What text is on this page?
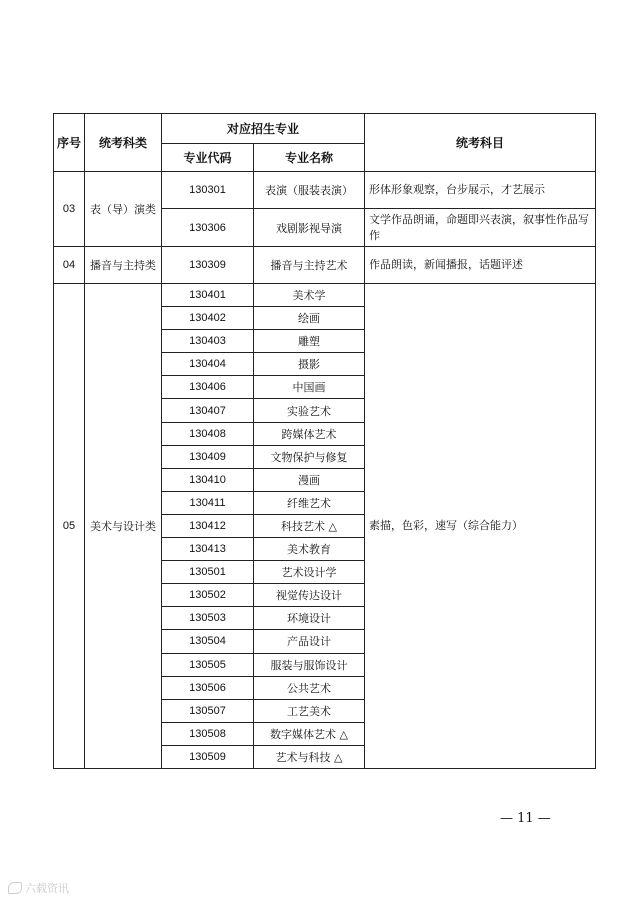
序号	统考科类	对应招生专业		统考科目
		专业代码	专业名称	
03	表（导）演类	130301	表演（服装表演）	形体形象观察，台步展示，才艺展示
		130306	戏剧影视导演	文学作品朗诵，命题即兴表演，叙事性作品写作
04	播音与主持类	130309	播音与主持艺术	作品朗读，新闻播报，话题评述
05	美术与设计类	130401	美术学	素描，色彩，速写（综合能力）
		130402	绘画	
		130403	雕塑	
		130404	摄影	
		130406	中国画	
		130407	实验艺术	
		130408	跨媒体艺术	
		130409	文物保护与修复	
		130410	漫画	
		130411	纤维艺术	
		130412	科技艺术 △	
		130413	美术教育	
		130501	艺术设计学	
		130502	视觉传达设计	
		130503	环境设计	
		130504	产品设计	
		130505	服装与服饰设计	
		130506	公共艺术	
		130507	工艺美术	
		130508	数字媒体艺术 △	
		130509	艺术与科技 △	
— 11 —
六载资讯
